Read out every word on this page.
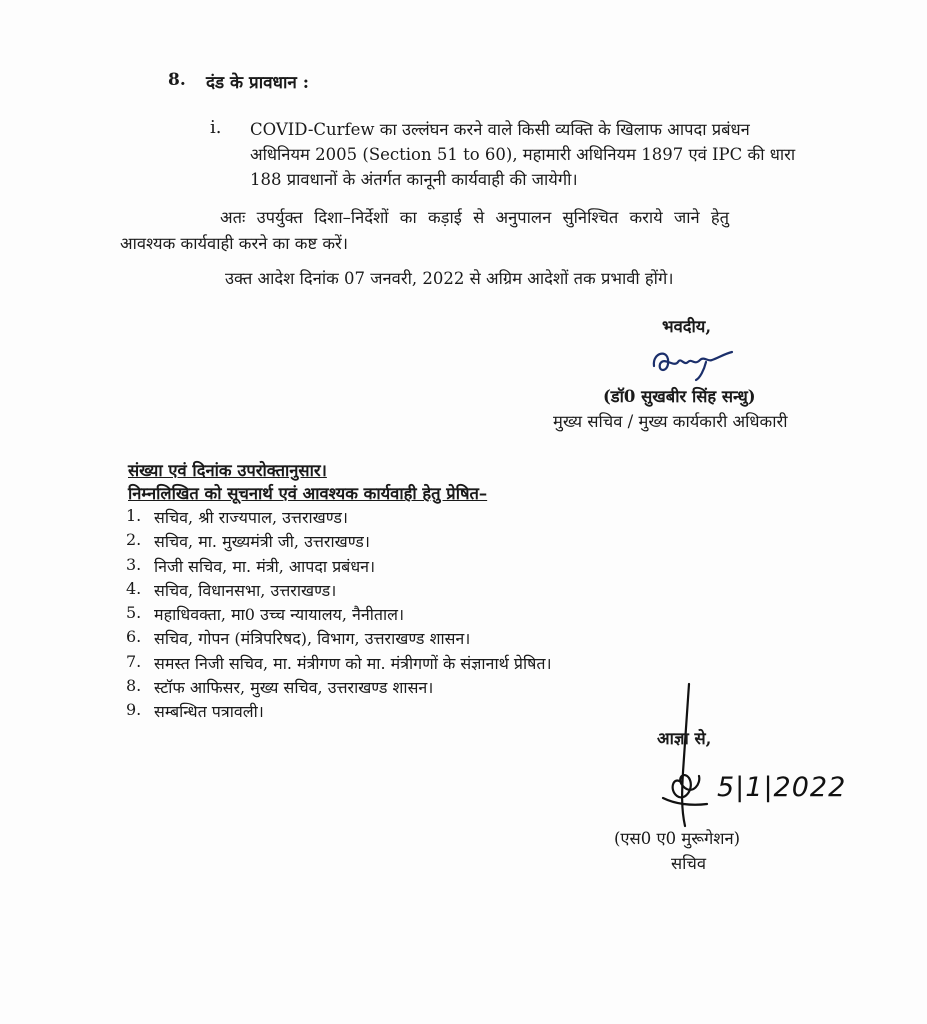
8. दंड के प्रावधान :
i. COVID-Curfew का उल्लंघन करने वाले किसी व्यक्ति के खिलाफ आपदा प्रबंधन
अधिनियम 2005 (Section 51 to 60), महामारी अधिनियम 1897 एवं IPC की धारा
188 प्रावधानों के अंतर्गत कानूनी कार्यवाही की जायेगी।
अतः उपर्युक्त दिशा–निर्देशों का कड़ाई से अनुपालन सुनिश्चित कराये जाने हेतु
आवश्यक कार्यवाही करने का कष्ट करें।
उक्त आदेश दिनांक 07 जनवरी, 2022 से अग्रिम आदेशों तक प्रभावी होंगे।
भवदीय,
(डॉ0 सुखबीर सिंह सन्धु)
मुख्य सचिव / मुख्य कार्यकारी अधिकारी
संख्या एवं दिनांक उपरोक्तानुसार।
निम्नलिखित को सूचनार्थ एवं आवश्यक कार्यवाही हेतु प्रेषित–
1. सचिव, श्री राज्यपाल, उत्तराखण्ड।
2. सचिव, मा. मुख्यमंत्री जी, उत्तराखण्ड।
3. निजी सचिव, मा. मंत्री, आपदा प्रबंधन।
4. सचिव, विधानसभा, उत्तराखण्ड।
5. महाधिवक्ता, मा0 उच्च न्यायालय, नैनीताल।
6. सचिव, गोपन (मंत्रिपरिषद), विभाग, उत्तराखण्ड शासन।
7. समस्त निजी सचिव, मा. मंत्रीगण को मा. मंत्रीगणों के संज्ञानार्थ प्रेषित।
8. स्टॉफ आफिसर, मुख्य सचिव, उत्तराखण्ड शासन।
9. सम्बन्धित पत्रावली।
आज्ञा से,
5|1|2022
(एस0 ए0 मुरूगेशन)
सचिव
